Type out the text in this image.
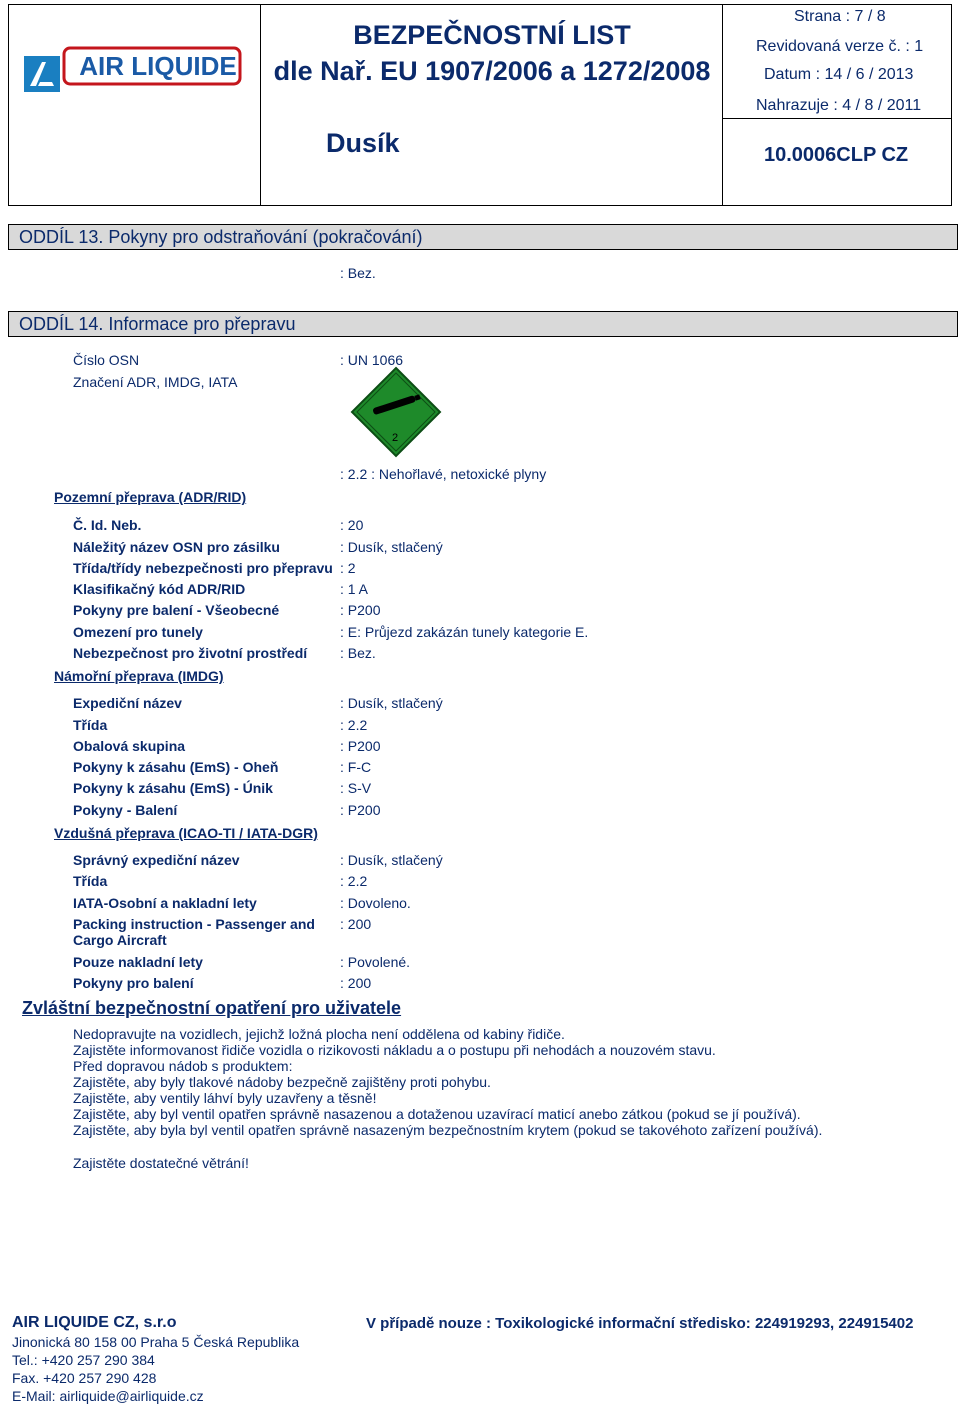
AIR LIQUIDE
BEZPEČNOSTNÍ LIST
dle Nař. EU 1907/2006 a 1272/2008
Dusík
Strana : 7 / 8
Revidovaná verze č. : 1
Datum : 14 / 6 / 2013
Nahrazuje : 4 / 8 / 2011
10.0006CLP CZ
ODDÍL 13. Pokyny pro odstraňování (pokračování)
: Bez.
ODDÍL 14. Informace pro přepravu
Číslo OSN	: UN 1066
Značení ADR, IMDG, IATA
2
: 2.2 : Nehořlavé, netoxické plyny
Pozemní přeprava (ADR/RID)
Č. Id. Neb.	: 20
Náležitý název OSN pro zásilku	: Dusík, stlačený
Třída/třídy nebezpečnosti pro přepravu : 2
Klasifikačný kód ADR/RID	: 1 A
Pokyny pre balení - Všeobecné	: P200
Omezení pro tunely	: E: Průjezd zakázán tunely kategorie E.
Nebezpečnost pro životní prostředí : Bez.
Námořní přeprava (IMDG)
Expediční název	: Dusík, stlačený
Třída	: 2.2
Obalová skupina	: P200
Pokyny k zásahu (EmS) - Oheň	: F-C
Pokyny k zásahu (EmS) - Únik	: S-V
Pokyny - Balení	: P200
Vzdušná přeprava (ICAO-TI / IATA-DGR)
Správný expediční název	: Dusík, stlačený
Třída	: 2.2
IATA-Osobní a nakladní lety	: Dovoleno.
Packing instruction - Passenger and
Cargo Aircraft
: 200
Pouze nakladní lety	: Povolené.
Pokyny pro balení	: 200
Zvláštní bezpečnostní opatření pro uživatele
Nedopravujte na vozidlech, jejichž ložná plocha není oddělena od kabiny řidiče.
Zajistěte informovanost řidiče vozidla o rizikovosti nákladu a o postupu při nehodách a nouzovém stavu.
Před dopravou nádob s produktem:
Zajistěte, aby byly tlakové nádoby bezpečně zajištěny proti pohybu.
Zajistěte, aby ventily láhví byly uzavřeny a těsně!
Zajistěte, aby byl ventil opatřen správně nasazenou a dotaženou uzavírací maticí anebo zátkou (pokud se jí používá).
Zajistěte, aby byla byl ventil opatřen správně nasazeným bezpečnostním krytem (pokud se takovéhoto zařízení používá).
Zajistěte dostatečné větrání!
AIR LIQUIDE CZ, s.r.o
Jinonická 80 158 00 Praha 5 Česká Republika
Tel.: +420 257 290 384
Fax. +420 257 290 428
E-Mail: airliquide@airliquide.cz
V případě nouze : Toxikologické informační středisko: 224919293, 224915402
